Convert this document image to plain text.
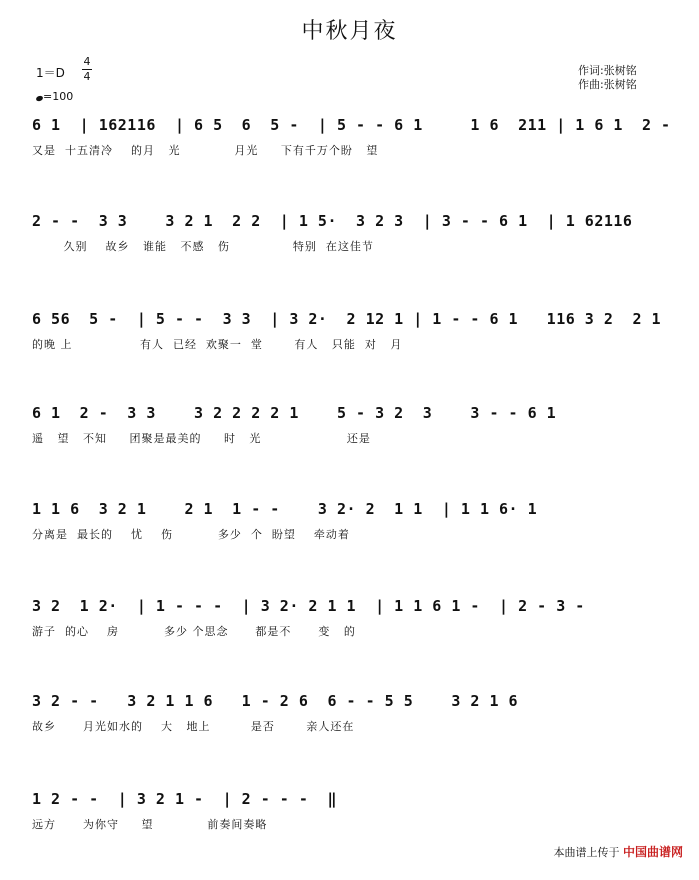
中秋月夜
1＝D
4
4
=100
作词:张树铭
作曲:张树铭
6 1  | 162116  | 6 5  6  5 -  | 5 - - 6 1     1 6  211 | 1 6 1  2 -
又是  十五清冷    的月   光            月光     下有千万个盼   望
2 - -  3 3    3 2 1  2 2  | 1 5·  3 2 3  | 3 - - 6 1  | 1 62116
久别    故乡   谁能   不感   伤              特别  在这佳节
6 56  5 -  | 5 - -  3 3  | 3 2·  2 12 1 | 1 - - 6 1   116 3 2  2 1
的晚 上               有人  已经  欢聚一  堂       有人   只能  对   月
6 1  2 -  3 3    3 2 2 2 2 1    5 - 3 2  3    3 - - 6 1
遥   望   不知     团聚是最美的     时   光                   还是
1 1 6  3 2 1    2 1  1 - -    3 2· 2  1 1  | 1 1 6· 1
分离是  最长的    忧    伤          多少  个  盼望    牵动着
3 2  1 2·  | 1 - - -  | 3 2· 2 1 1  | 1 1 6 1 -  | 2 - 3 -
游子  的心    房          多少 个思念      都是不      变   的
3 2 - -   3 2 1 1 6   1 - 2 6  6 - - 5 5    3 2 1 6
故乡      月光如水的    大   地上         是否       亲人还在
1 2 - -  | 3 2 1 -  | 2 - - -  ‖
远方      为你守     望            前奏间奏略
本曲谱上传于 中国曲谱网
